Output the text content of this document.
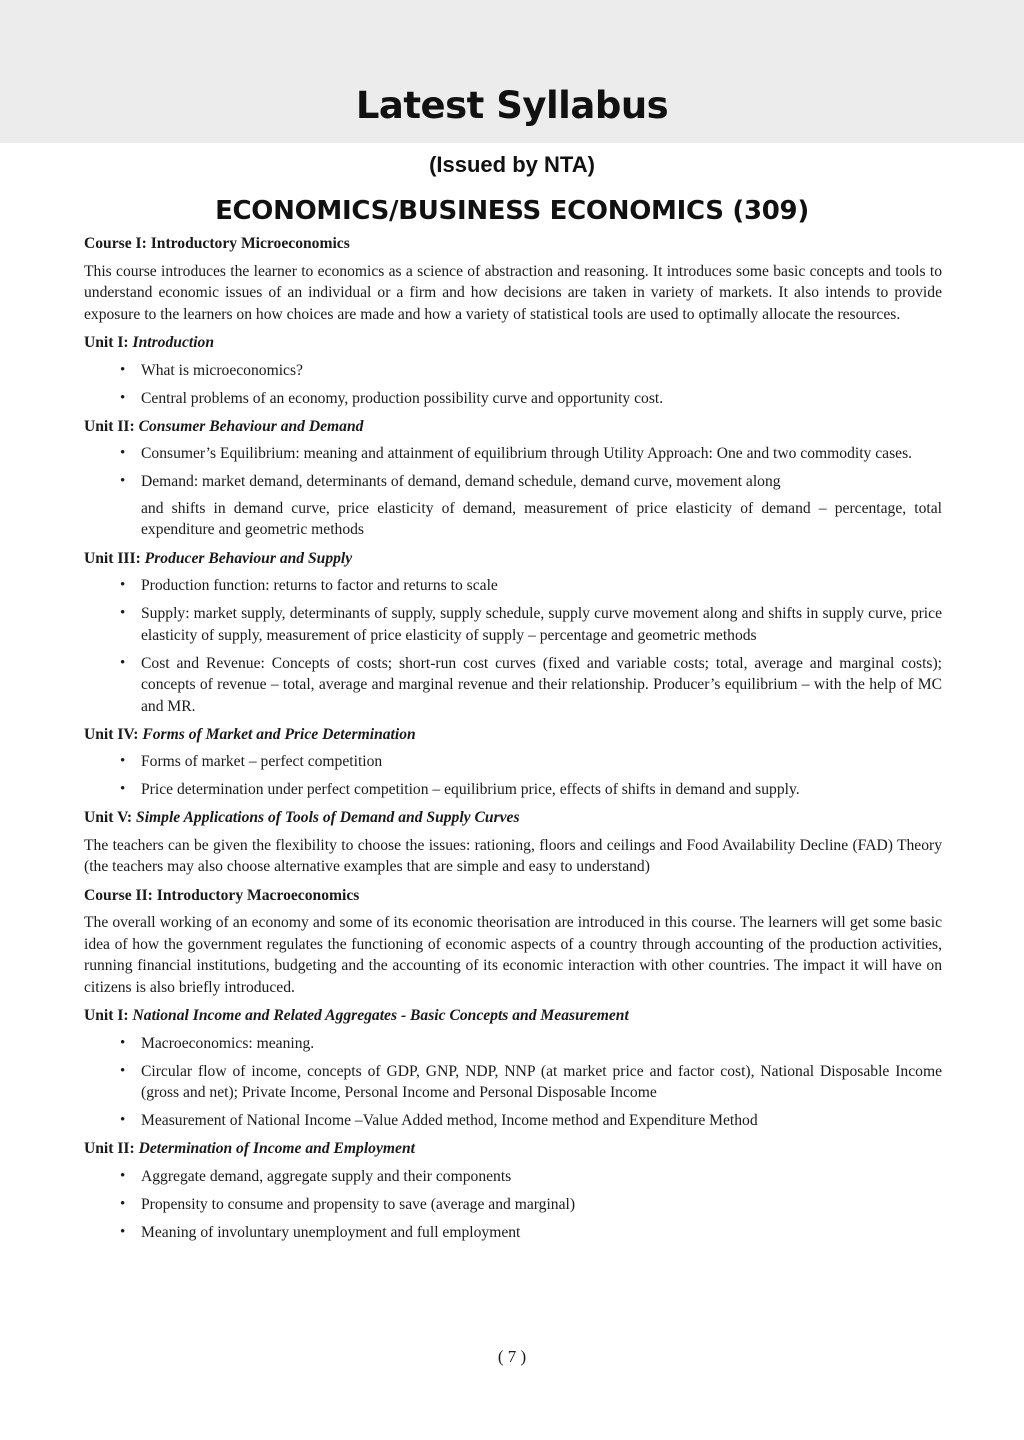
Latest Syllabus
(Issued by NTA)
ECONOMICS/BUSINESS ECONOMICS (309)
Course I: Introductory Microeconomics

This course introduces the learner to economics as a science of abstraction and reasoning. It introduces some basic concepts and tools to understand economic issues of an individual or a firm and how decisions are taken in variety of markets. It also intends to provide exposure to the learners on how choices are made and how a variety of statistical tools are used to optimally allocate the resources.

Unit I: Introduction
• What is microeconomics?
• Central problems of an economy, production possibility curve and opportunity cost.
Unit II: Consumer Behaviour and Demand
• Consumer’s Equilibrium: meaning and attainment of equilibrium through Utility Approach: One and two commodity cases.
• Demand: market demand, determinants of demand, demand schedule, demand curve, movement along

and shifts in demand curve, price elasticity of demand, measurement of price elasticity of demand – percentage, total expenditure and geometric methods

Unit III: Producer Behaviour and Supply
• Production function: returns to factor and returns to scale
• Supply: market supply, determinants of supply, supply schedule, supply curve movement along and shifts in supply curve, price elasticity of supply, measurement of price elasticity of supply – percentage and geometric methods
• Cost and Revenue: Concepts of costs; short-run cost curves (fixed and variable costs; total, average and marginal costs); concepts of revenue – total, average and marginal revenue and their relationship. Producer’s equilibrium – with the help of MC and MR.
Unit IV: Forms of Market and Price Determination
• Forms of market – perfect competition
• Price determination under perfect competition – equilibrium price, effects of shifts in demand and supply.
Unit V: Simple Applications of Tools of Demand and Supply Curves

The teachers can be given the flexibility to choose the issues: rationing, floors and ceilings and Food Availability Decline (FAD) Theory (the teachers may also choose alternative examples that are simple and easy to understand)

Course II: Introductory Macroeconomics

The overall working of an economy and some of its economic theorisation are introduced in this course. The learners will get some basic idea of how the government regulates the functioning of economic aspects of a country through accounting of the production activities, running financial institutions, budgeting and the accounting of its economic interaction with other countries. The impact it will have on citizens is also briefly introduced.

Unit I: National Income and Related Aggregates - Basic Concepts and Measurement
• Macroeconomics: meaning.
• Circular flow of income, concepts of GDP, GNP, NDP, NNP (at market price and factor cost), National Disposable Income (gross and net); Private Income, Personal Income and Personal Disposable Income
• Measurement of National Income –Value Added method, Income method and Expenditure Method
Unit II: Determination of Income and Employment
• Aggregate demand, aggregate supply and their components
• Propensity to consume and propensity to save (average and marginal)
• Meaning of involuntary unemployment and full employment
( 7 )
